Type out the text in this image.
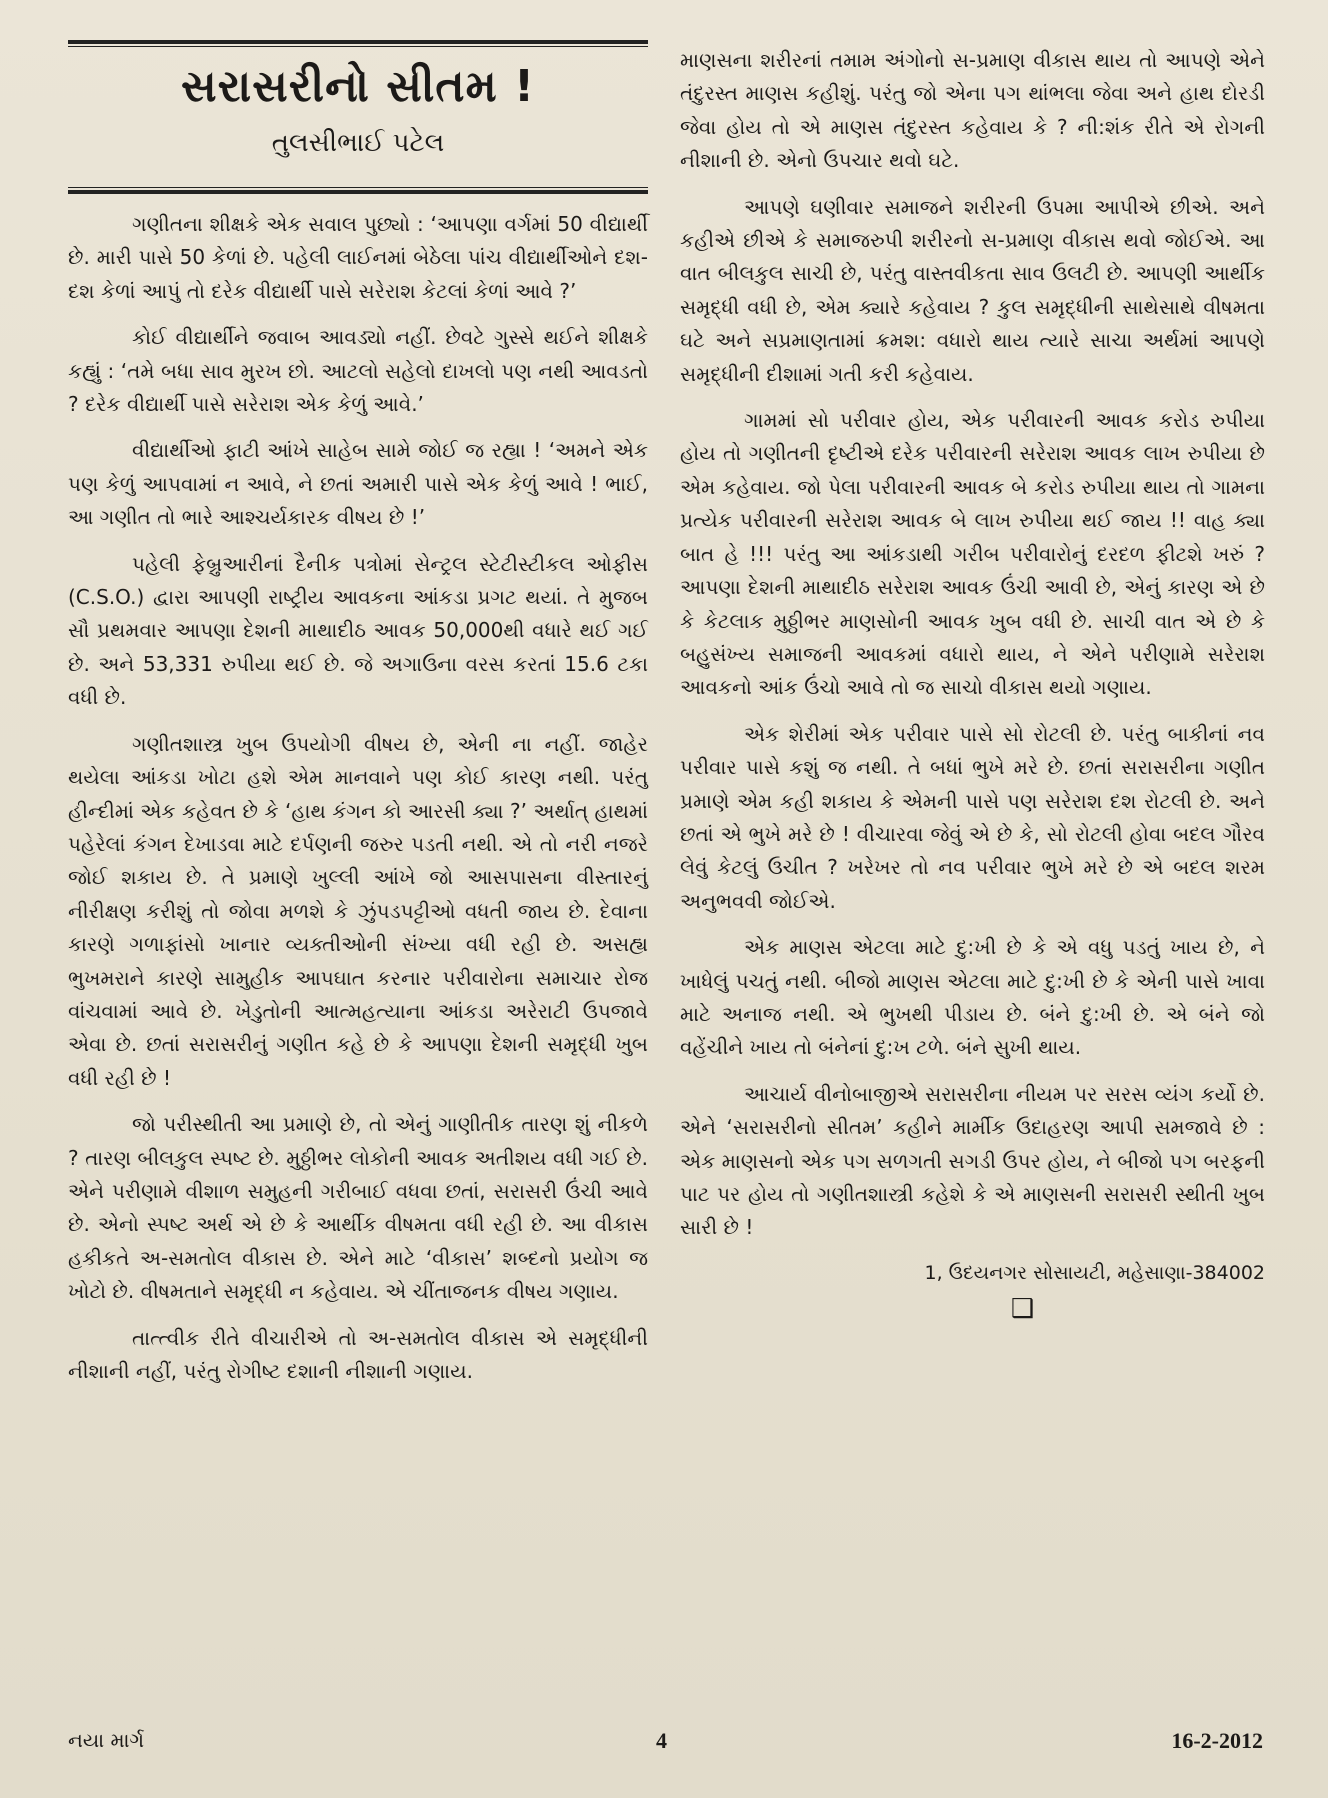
સરાસરીનો સીતમ !
તુલસીભાઈ પટેલ

ગણીતના શીક્ષકે એક સવાલ પુછ્યો : ‘આપણા વર્ગમાં 50 વીદ્યાર્થી છે. મારી પાસે 50 કેળાં છે. પહેલી લાઈનમાં બેઠેલા પાંચ વીદ્યાર્થીઓને દશ-દશ કેળાં આપું તો દરેક વીદ્યાર્થી પાસે સરેરાશ કેટલાં કેળાં આવે ?’

કોઈ વીદ્યાર્થીને જવાબ આવડ્યો નહીં. છેવટે ગુસ્સે થઈને શીક્ષકે કહ્યું : ‘તમે બધા સાવ મુરખ છો. આટલો સહેલો દાખલો પણ નથી આવડતો ? દરેક વીદ્યાર્થી પાસે સરેરાશ એક કેળું આવે.’

વીદ્યાર્થીઓ ફાટી આંખે સાહેબ સામે જોઈ જ રહ્યા ! ‘અમને એક પણ કેળું આપવામાં ન આવે, ને છતાં અમારી પાસે એક કેળું આવે ! ભાઈ, આ ગણીત તો ભારે આશ્ચર્યકારક વીષય છે !’

પહેલી ફેબ્રુઆરીનાં દૈનીક પત્રોમાં સેન્ટ્રલ સ્ટેટીસ્ટીકલ ઓફીસ (C.S.O.) દ્વારા આપણી રાષ્ટ્રીય આવકના આંકડા પ્રગટ થયાં. તે મુજબ સૌ પ્રથમવાર આપણા દેશની માથાદીઠ આવક 50,000થી વધારે થઈ ગઈ છે. અને 53,331 રુપીયા થઈ છે. જે અગાઉના વરસ કરતાં 15.6 ટકા વધી છે.

ગણીતશાસ્ત્ર ખુબ ઉપયોગી વીષય છે, એની ના નહીં. જાહેર થયેલા આંકડા ખોટા હશે એમ માનવાને પણ કોઈ કારણ નથી. પરંતુ હીન્દીમાં એક કહેવત છે કે ‘હાથ કંગન કો આરસી ક્યા ?’ અર્થાત્ હાથમાં પહેરેલાં કંગન દેખાડવા માટે દર્પણની જરુર પડતી નથી. એ તો નરી નજરે જોઈ શકાય છે. તે પ્રમાણે ખુલ્લી આંખે જો આસપાસના વીસ્તારનું નીરીક્ષણ કરીશું તો જોવા મળશે કે ઝુંપડપટ્ટીઓ વધતી જાય છે. દેવાના કારણે ગળાફાંસો ખાનાર વ્યક્તીઓની સંખ્યા વધી રહી છે. અસહ્ય ભુખમરાને કારણે સામુહીક આપઘાત કરનાર પરીવારોના સમાચાર રોજ વાંચવામાં આવે છે. ખેડુતોની આત્મહત્યાના આંકડા અરેરાટી ઉપજાવે એવા છે. છતાં સરાસરીનું ગણીત કહે છે કે આપણા દેશની સમૃદ્ધી ખુબ વધી રહી છે !

જો પરીસ્થીતી આ પ્રમાણે છે, તો એનું ગાણીતીક તારણ શું નીકળે ? તારણ બીલકુલ સ્પષ્ટ છે. મુઠ્ઠીભર લોકોની આવક અતીશય વધી ગઈ છે. એને પરીણામે વીશાળ સમુહની ગરીબાઈ વધવા છતાં, સરાસરી ઉંચી આવે છે. એનો સ્પષ્ટ અર્થ એ છે કે આર્થીક વીષમતા વધી રહી છે. આ વીકાસ હકીકતે અ-સમતોલ વીકાસ છે. એને માટે ‘વીકાસ’ શબ્દનો પ્રયોગ જ ખોટો છે. વીષમતાને સમૃદ્ધી ન કહેવાય. એ ચીંતાજનક વીષય ગણાય.

તાત્ત્વીક રીતે વીચારીએ તો અ-સમતોલ વીકાસ એ સમૃદ્ધીની નીશાની નહીં, પરંતુ રોગીષ્ટ દશાની નીશાની ગણાય.

માણસના શરીરનાં તમામ અંગોનો સ-પ્રમાણ વીકાસ થાય તો આપણે એને તંદુરસ્ત માણસ કહીશું. પરંતુ જો એના પગ થાંભલા જેવા અને હાથ દોરડી જેવા હોય તો એ માણસ તંદુરસ્ત કહેવાય કે ? ની:શંક રીતે એ રોગની નીશાની છે. એનો ઉપચાર થવો ઘટે.

આપણે ઘણીવાર સમાજને શરીરની ઉપમા આપીએ છીએ. અને કહીએ છીએ કે સમાજરુપી શરીરનો સ-પ્રમાણ વીકાસ થવો જોઈએ. આ વાત બીલકુલ સાચી છે, પરંતુ વાસ્તવીકતા સાવ ઉલટી છે. આપણી આર્થીક સમૃદ્ધી વધી છે, એમ ક્યારે કહેવાય ? કુલ સમૃદ્ધીની સાથેસાથે વીષમતા ઘટે અને સપ્રમાણતામાં ક્રમશ: વધારો થાય ત્યારે સાચા અર્થમાં આપણે સમૃદ્ધીની દીશામાં ગતી કરી કહેવાય.

ગામમાં સો પરીવાર હોય, એક પરીવારની આવક કરોડ રુપીયા હોય તો ગણીતની દૃષ્ટીએ દરેક પરીવારની સરેરાશ આવક લાખ રુપીયા છે એમ કહેવાય. જો પેલા પરીવારની આવક બે કરોડ રુપીયા થાય તો ગામના પ્રત્યેક પરીવારની સરેરાશ આવક બે લાખ રુપીયા થઈ જાય !! વાહ ક્યા બાત હે !!! પરંતુ આ આંકડાથી ગરીબ પરીવારોનું દરદળ ફીટશે ખરું ? આપણા દેશની માથાદીઠ સરેરાશ આવક ઉંચી આવી છે, એનું કારણ એ છે કે કેટલાક મુઠ્ઠીભર માણસોની આવક ખુબ વધી છે. સાચી વાત એ છે કે બહુસંખ્ય સમાજની આવકમાં વધારો થાય, ને એને પરીણામે સરેરાશ આવકનો આંક ઉંચો આવે તો જ સાચો વીકાસ થયો ગણાય.

એક શેરીમાં એક પરીવાર પાસે સો રોટલી છે. પરંતુ બાકીનાં નવ પરીવાર પાસે કશું જ નથી. તે બધાં ભુખે મરે છે. છતાં સરાસરીના ગણીત પ્રમાણે એમ કહી શકાય કે એમની પાસે પણ સરેરાશ દશ રોટલી છે. અને છતાં એ ભુખે મરે છે ! વીચારવા જેવું એ છે કે, સો રોટલી હોવા બદલ ગૌરવ લેવું કેટલું ઉચીત ? ખરેખર તો નવ પરીવાર ભુખે મરે છે એ બદલ શરમ અનુભવવી જોઈએ.

એક માણસ એટલા માટે દુ:ખી છે કે એ વધુ પડતું ખાય છે, ને ખાધેલું પચતું નથી. બીજો માણસ એટલા માટે દુ:ખી છે કે એની પાસે ખાવા માટે અનાજ નથી. એ ભુખથી પીડાય છે. બંને દુ:ખી છે. એ બંને જો વહેંચીને ખાય તો બંનેનાં દુ:ખ ટળે. બંને સુખી થાય.

આચાર્ય વીનોબાજીએ સરાસરીના નીયમ પર સરસ વ્યંગ કર્યો છે. એને ‘સરાસરીનો સીતમ’ કહીને માર્મીક ઉદાહરણ આપી સમજાવે છે : એક માણસનો એક પગ સળગતી સગડી ઉપર હોય, ને બીજો પગ બરફની પાટ પર હોય તો ગણીતશાસ્ત્રી કહેશે કે એ માણસની સરાસરી સ્થીતી ખુબ સારી છે !

1, ઉદયનગર સોસાયટી, મહેસાણા-384002
❑
નયા માર્ગ	4	16-2-2012
